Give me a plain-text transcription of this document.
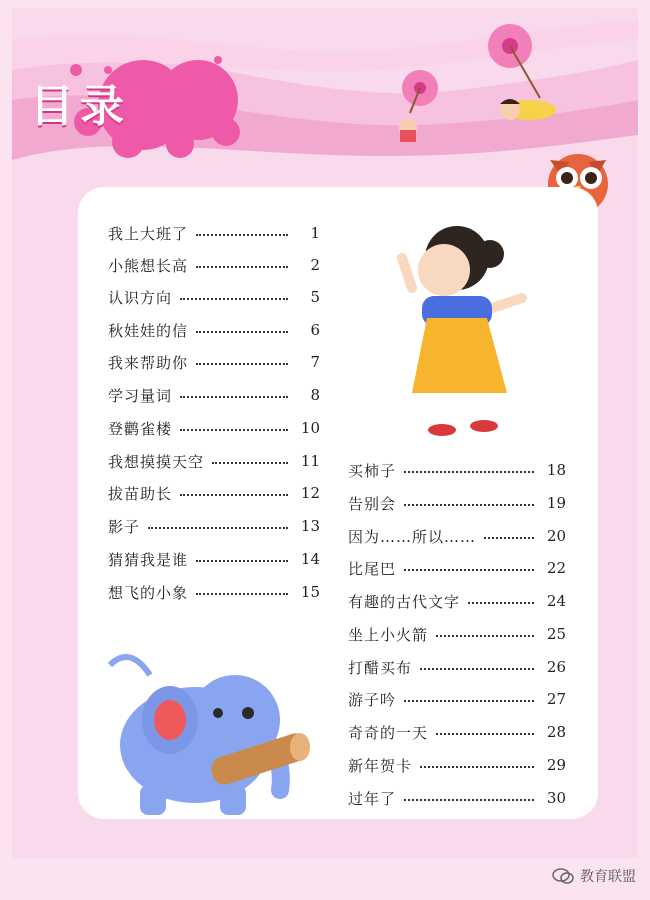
目录
我上大班了	1
小熊想长高	2
认识方向	5
秋娃娃的信	6
我来帮助你	7
学习量词	8
登鹳雀楼	10
我想摸摸天空	11
拔苗助长	12
影子	13
猜猜我是谁	14
想飞的小象	15
买柿子	18
告别会	19
因为……所以……	20
比尾巴	22
有趣的古代文字	24
坐上小火箭	25
打醋买布	26
游子吟	27
奇奇的一天	28
新年贺卡	29
过年了	30
教育联盟
